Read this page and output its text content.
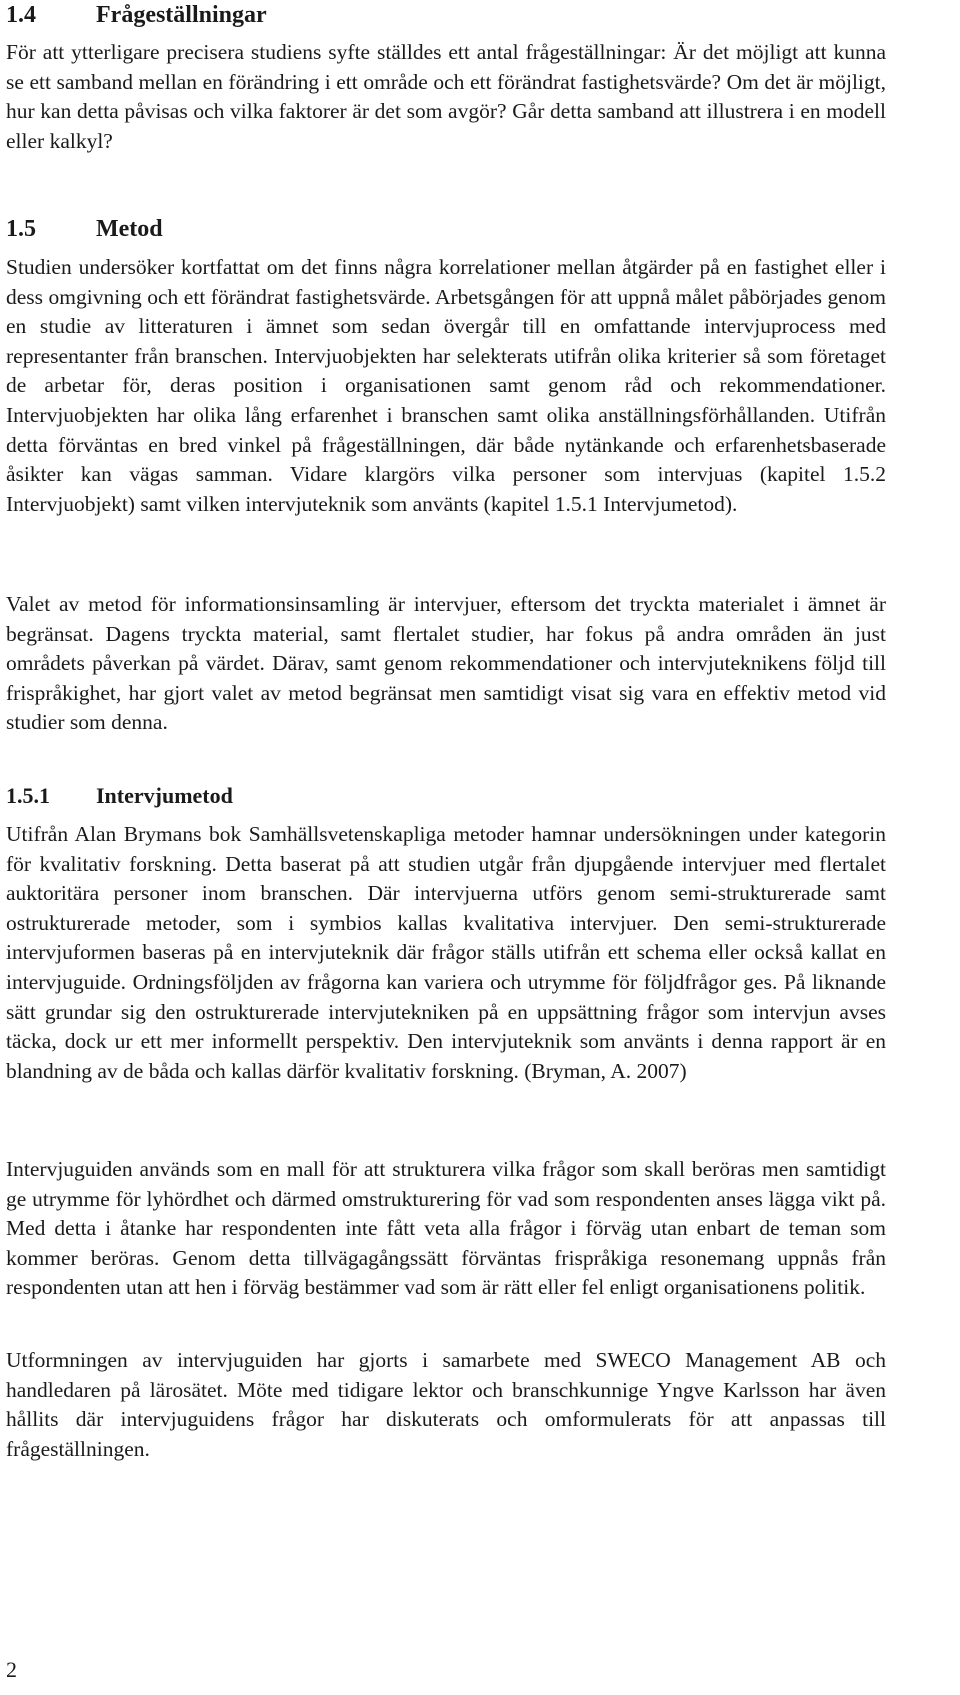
1.4	Frågeställningar

För att ytterligare precisera studiens syfte ställdes ett antal frågeställningar: Är det möjligt att kunna se ett samband mellan en förändring i ett område och ett förändrat fastighetsvärde? Om det är möjligt, hur kan detta påvisas och vilka faktorer är det som avgör? Går detta samband att illustrera i en modell eller kalkyl?

1.5	Metod

Studien undersöker kortfattat om det finns några korrelationer mellan åtgärder på en fastighet eller i dess omgivning och ett förändrat fastighetsvärde. Arbetsgången för att uppnå målet påbörjades genom en studie av litteraturen i ämnet som sedan övergår till en omfattande intervjuprocess med representanter från branschen. Intervjuobjekten har selekterats utifrån olika kriterier så som företaget de arbetar för, deras position i organisationen samt genom råd och rekommendationer. Intervjuobjekten har olika lång erfarenhet i branschen samt olika anställningsförhållanden. Utifrån detta förväntas en bred vinkel på frågeställningen, där både nytänkande och erfarenhetsbaserade åsikter kan vägas samman. Vidare klargörs vilka personer som intervjuas (kapitel 1.5.2 Intervjuobjekt) samt vilken intervjuteknik som använts (kapitel 1.5.1 Intervjumetod).

Valet av metod för informationsinsamling är intervjuer, eftersom det tryckta materialet i ämnet är begränsat. Dagens tryckta material, samt flertalet studier, har fokus på andra områden än just områdets påverkan på värdet. Därav, samt genom rekommendationer och intervjuteknikens följd till frispråkighet, har gjort valet av metod begränsat men samtidigt visat sig vara en effektiv metod vid studier som denna.

1.5.1 Intervjumetod

Utifrån Alan Brymans bok Samhällsvetenskapliga metoder hamnar undersökningen under kategorin för kvalitativ forskning. Detta baserat på att studien utgår från djupgående intervjuer med flertalet auktoritära personer inom branschen. Där intervjuerna utförs genom semi-strukturerade samt ostrukturerade metoder, som i symbios kallas kvalitativa intervjuer. Den semi-strukturerade intervjuformen baseras på en intervjuteknik där frågor ställs utifrån ett schema eller också kallat en intervjuguide. Ordningsföljden av frågorna kan variera och utrymme för följdfrågor ges. På liknande sätt grundar sig den ostrukturerade intervjutekniken på en uppsättning frågor som intervjun avses täcka, dock ur ett mer informellt perspektiv. Den intervjuteknik som använts i denna rapport är en blandning av de båda och kallas därför kvalitativ forskning. (Bryman, A. 2007)

Intervjuguiden används som en mall för att strukturera vilka frågor som skall beröras men samtidigt ge utrymme för lyhördhet och därmed omstrukturering för vad som respondenten anses lägga vikt på. Med detta i åtanke har respondenten inte fått veta alla frågor i förväg utan enbart de teman som kommer beröras. Genom detta tillvägagångssätt förväntas frispråkiga resonemang uppnås från respondenten utan att hen i förväg bestämmer vad som är rätt eller fel enligt organisationens politik.

Utformningen av intervjuguiden har gjorts i samarbete med SWECO Management AB och handledaren på lärosätet. Möte med tidigare lektor och branschkunnige Yngve Karlsson har även hållits där intervjuguidens frågor har diskuterats och omformulerats för att anpassas till frågeställningen.

2
